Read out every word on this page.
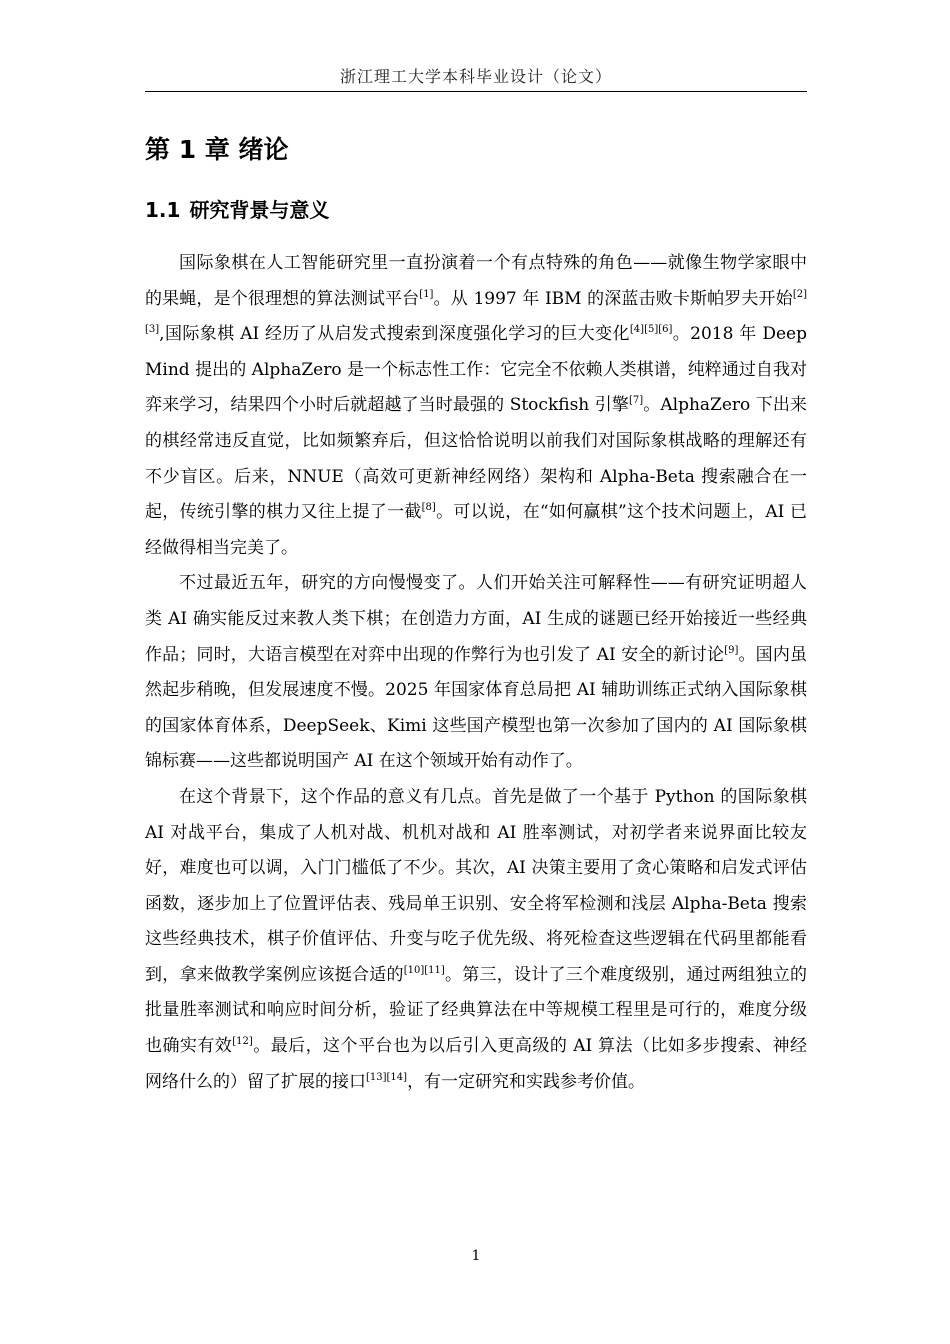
浙江理工大学本科毕业设计（论文）
第 1 章 绪论
1.1 研究背景与意义

国际象棋在人工智能研究里一直扮演着一个有点特殊的角色——就像生物学家眼中的果蝇，是个很理想的算法测试平台[1]。从 1997 年 IBM 的深蓝击败卡斯帕罗夫开始[2][3],国际象棋 AI 经历了从启发式搜索到深度强化学习的巨大变化[4][5][6]。2018 年 DeepMind 提出的 AlphaZero 是一个标志性工作：它完全不依赖人类棋谱，纯粹通过自我对弈来学习，结果四个小时后就超越了当时最强的 Stockfish 引擎[7]。AlphaZero 下出来的棋经常违反直觉，比如频繁弃后，但这恰恰说明以前我们对国际象棋战略的理解还有不少盲区。后来，NNUE（高效可更新神经网络）架构和 Alpha-Beta 搜索融合在一起，传统引擎的棋力又往上提了一截[8]。可以说，在“如何赢棋”这个技术问题上，AI 已经做得相当完美了。

不过最近五年，研究的方向慢慢变了。人们开始关注可解释性——有研究证明超人类 AI 确实能反过来教人类下棋；在创造力方面，AI 生成的谜题已经开始接近一些经典作品；同时，大语言模型在对弈中出现的作弊行为也引发了 AI 安全的新讨论[9]。国内虽然起步稍晚，但发展速度不慢。2025 年国家体育总局把 AI 辅助训练正式纳入国际象棋的国家体育体系，DeepSeek、Kimi 这些国产模型也第一次参加了国内的 AI 国际象棋锦标赛——这些都说明国产 AI 在这个领域开始有动作了。

在这个背景下，这个作品的意义有几点。首先是做了一个基于 Python 的国际象棋 AI 对战平台，集成了人机对战、机机对战和 AI 胜率测试，对初学者来说界面比较友好，难度也可以调，入门门槛低了不少。其次，AI 决策主要用了贪心策略和启发式评估函数，逐步加上了位置评估表、残局单王识别、安全将军检测和浅层 Alpha-Beta 搜索这些经典技术，棋子价值评估、升变与吃子优先级、将死检查这些逻辑在代码里都能看到，拿来做教学案例应该挺合适的[10][11]。第三，设计了三个难度级别，通过两组独立的批量胜率测试和响应时间分析，验证了经典算法在中等规模工程里是可行的，难度分级也确实有效[12]。最后，这个平台也为以后引入更高级的 AI 算法（比如多步搜索、神经网络什么的）留了扩展的接口[13][14]，有一定研究和实践参考价值。

1
